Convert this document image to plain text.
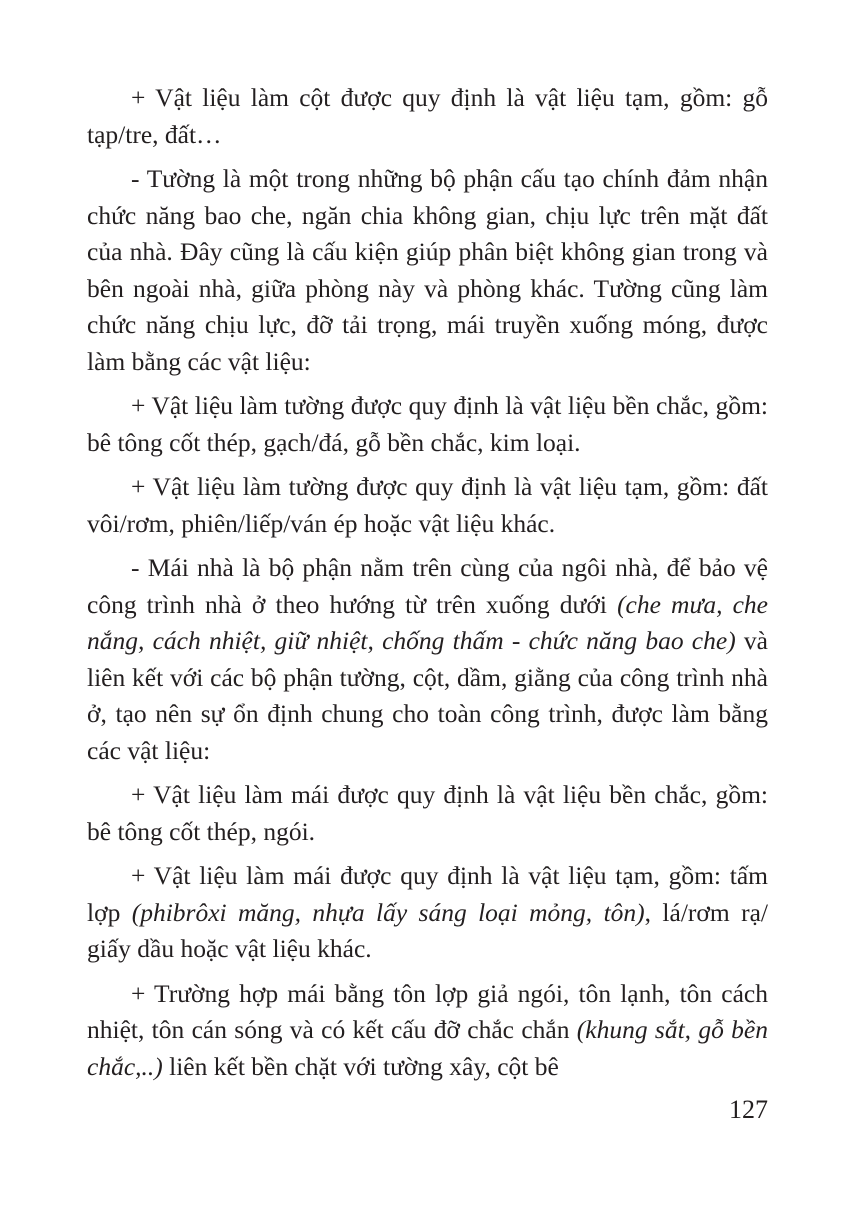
+ Vật liệu làm cột được quy định là vật liệu tạm, gồm: gỗ tạp/tre, đất…

- Tường là một trong những bộ phận cấu tạo chính đảm nhận chức năng bao che, ngăn chia không gian, chịu lực trên mặt đất của nhà. Đây cũng là cấu kiện giúp phân biệt không gian trong và bên ngoài nhà, giữa phòng này và phòng khác. Tường cũng làm chức năng chịu lực, đỡ tải trọng, mái truyền xuống móng, được làm bằng các vật liệu:

+ Vật liệu làm tường được quy định là vật liệu bền chắc, gồm: bê tông cốt thép, gạch/đá, gỗ bền chắc, kim loại.

+ Vật liệu làm tường được quy định là vật liệu tạm, gồm: đất vôi/rơm, phiên/liếp/ván ép hoặc vật liệu khác.

- Mái nhà là bộ phận nằm trên cùng của ngôi nhà, để bảo vệ công trình nhà ở theo hướng từ trên xuống dưới (che mưa, che nắng, cách nhiệt, giữ nhiệt, chống thấm - chức năng bao che) và liên kết với các bộ phận tường, cột, dầm, giằng của công trình nhà ở, tạo nên sự ổn định chung cho toàn công trình, được làm bằng các vật liệu:

+ Vật liệu làm mái được quy định là vật liệu bền chắc, gồm: bê tông cốt thép, ngói.

+ Vật liệu làm mái được quy định là vật liệu tạm, gồm: tấm lợp (phibrôxi măng, nhựa lấy sáng loại mỏng, tôn), lá/rơm rạ/ giấy dầu hoặc vật liệu khác.

+ Trường hợp mái bằng tôn lợp giả ngói, tôn lạnh, tôn cách nhiệt, tôn cán sóng và có kết cấu đỡ chắc chắn (khung sắt, gỗ bền chắc,..) liên kết bền chặt với tường xây, cột bê

127
